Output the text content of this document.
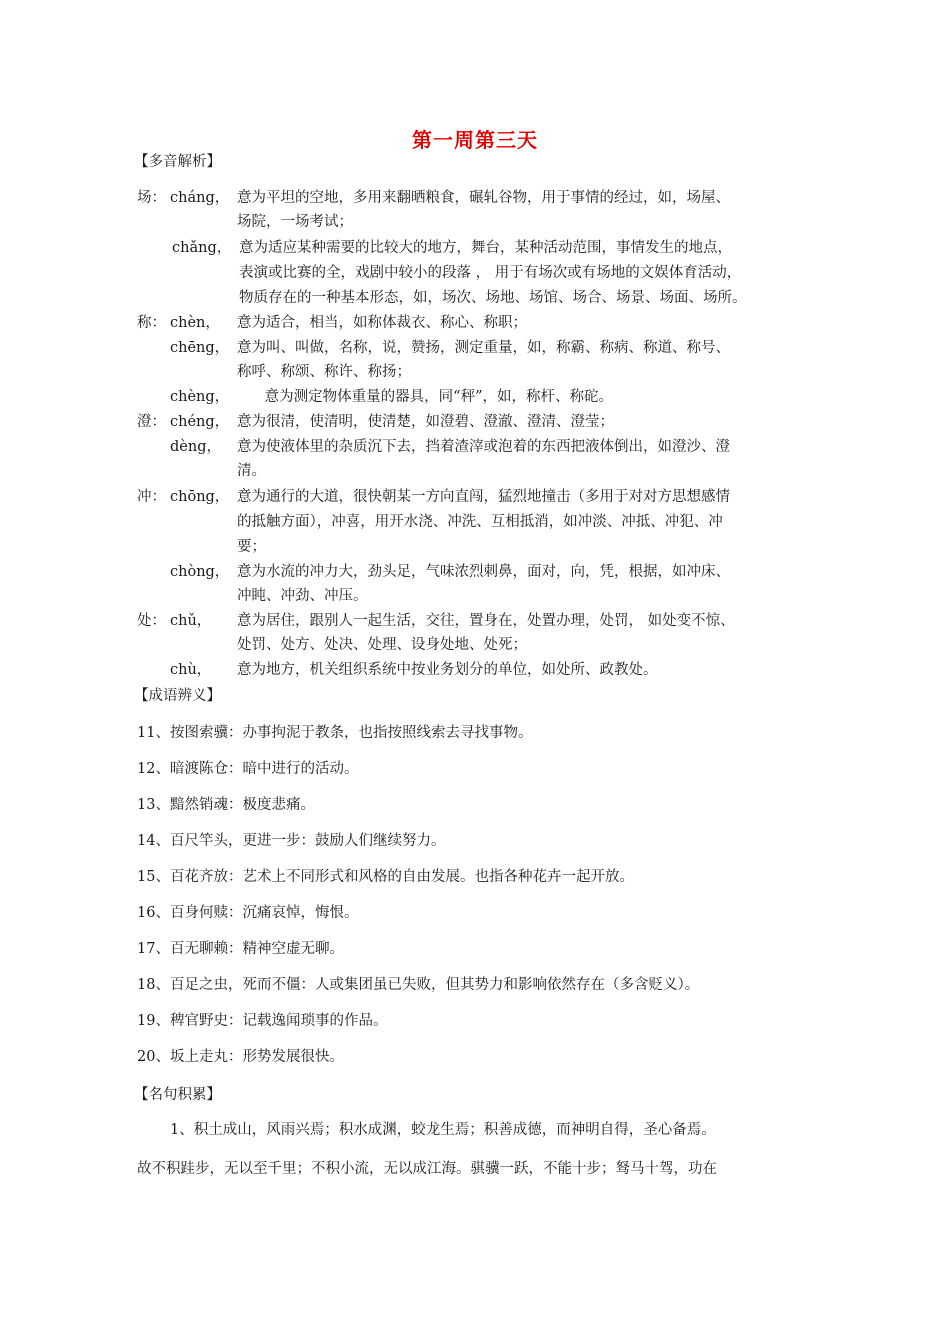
第一周第三天
【多音解析】
场： cháng， 意为平坦的空地，多用来翻晒粮食，碾轧谷物，用于事情的经过，如，场屋、
场院，一场考试；
chǎng， 意为适应某种需要的比较大的地方，舞台，某种活动范围，事情发生的地点，
表演或比赛的全，戏剧中较小的段落 ， 用于有场次或有场地的文娱体育活动，
物质存在的一种基本形态，如，场次、场地、场馆、场合、场景、场面、场所。
称： chèn， 意为适合，相当，如称体裁衣、称心、称职；
chēng， 意为叫、叫做，名称，说，赞扬，测定重量，如，称霸、称病、称道、称号、
称呼、称颂、称许、称扬；
chèng， 意为测定物体重量的器具，同“秤”，如，称杆、称砣。
澄： chéng， 意为很清，使清明，使清楚，如澄碧、澄澈、澄清、澄莹；
dèng， 意为使液体里的杂质沉下去，挡着渣滓或泡着的东西把液体倒出，如澄沙、澄
清。
冲： chōng， 意为通行的大道，很快朝某一方向直闯，猛烈地撞击（多用于对对方思想感情
的抵触方面），冲喜，用开水浇、冲洗、互相抵消，如冲淡、冲抵、冲犯、冲
要；
chòng， 意为水流的冲力大，劲头足，气味浓烈刺鼻，面对，向，凭，根据，如冲床、
冲盹、冲劲、冲压。
处： chǔ， 意为居住，跟别人一起生活，交往，置身在，处置办理，处罚， 如处变不惊、
处罚、处方、处决、处理、设身处地、处死；
chù， 意为地方，机关组织系统中按业务划分的单位，如处所、政教处。
【成语辨义】
11、按图索骥：办事拘泥于教条，也指按照线索去寻找事物。
12、暗渡陈仓：暗中进行的活动。
13、黯然销魂：极度悲痛。
14、百尺竿头，更进一步：鼓励人们继续努力。
15、百花齐放：艺术上不同形式和风格的自由发展。也指各种花卉一起开放。
16、百身何赎：沉痛哀悼，悔恨。
17、百无聊赖：精神空虚无聊。
18、百足之虫，死而不僵：人或集团虽已失败，但其势力和影响依然存在（多含贬义）。
19、稗官野史：记载逸闻琐事的作品。
20、坂上走丸：形势发展很快。
【名句积累】
1、积土成山，风雨兴焉；积水成渊，蛟龙生焉；积善成德，而神明自得，圣心备焉。
故不积跬步，无以至千里；不积小流，无以成江海。骐骥一跃，不能十步；驽马十驾，功在
